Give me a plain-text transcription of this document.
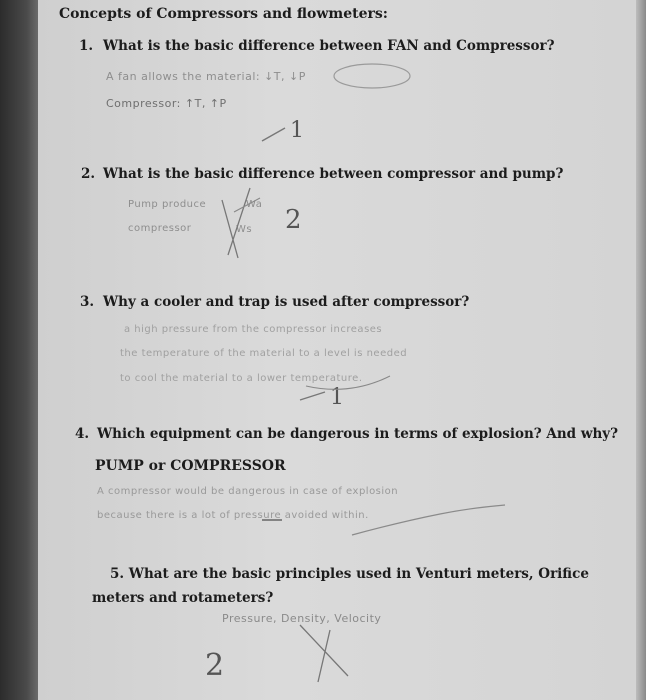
Concepts of Compressors and flowmeters:
1. What is the basic difference between FAN and Compressor?
A fan allows the material: ↓T, ↓P
Compressor: ↑T, ↑P
2. What is the basic difference between compressor and pump?
Pump produce
compressor
Wa
Ws
3. Why a cooler and trap is used after compressor?
a high pressure from the compressor increases
the temperature of the material to a level is needed
to cool the material to a lower temperature.
4. Which equipment can be dangerous in terms of explosion? And why?
PUMP or COMPRESSOR
A compressor would be dangerous in case of explosion
because there is a lot of pressure avoided within.
5. What are the basic principles used in Venturi meters, Orifice meters and rotameters?
Pressure, Density, Velocity
1
2
1
2
